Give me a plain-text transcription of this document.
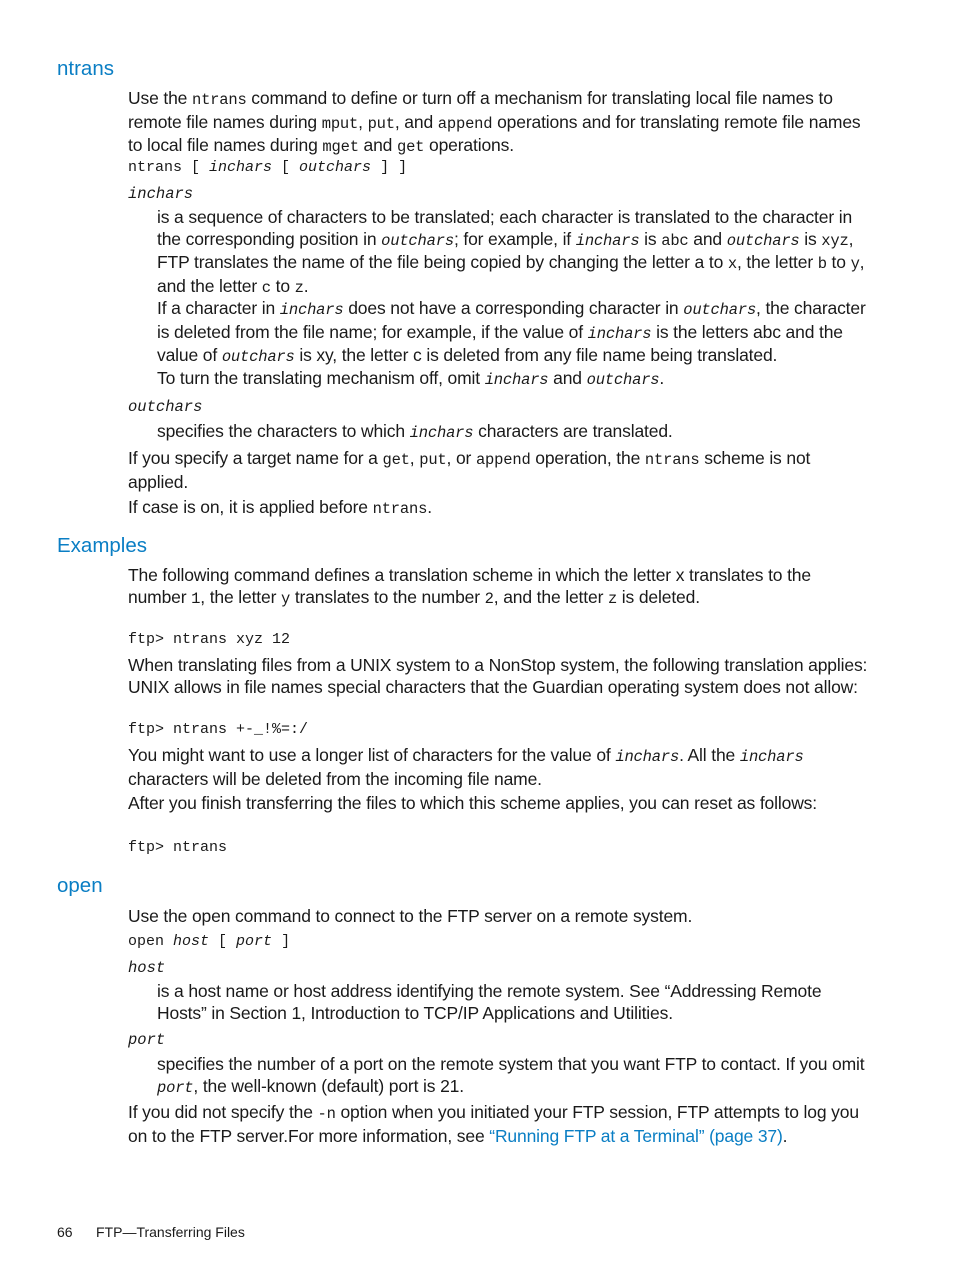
ntrans

Use the ntrans command to define or turn off a mechanism for translating local file names to remote file names during mput, put, and append operations and for translating remote file names to local file names during mget and get operations.

ntrans [ inchars [ outchars ] ]

inchars

is a sequence of characters to be translated; each character is translated to the character in the corresponding position in outchars; for example, if inchars is abc and outchars is xyz, FTP translates the name of the file being copied by changing the letter a to x, the letter b to y, and the letter c to z.

If a character in inchars does not have a corresponding character in outchars, the character is deleted from the file name; for example, if the value of inchars is the letters abc and the value of outchars is xy, the letter c is deleted from any file name being translated.

To turn the translating mechanism off, omit inchars and outchars.

outchars

specifies the characters to which inchars characters are translated.

If you specify a target name for a get, put, or append operation, the ntrans scheme is not applied.

If case is on, it is applied before ntrans.

Examples

The following command defines a translation scheme in which the letter x translates to the number 1, the letter y translates to the number 2, and the letter z is deleted.

ftp> ntrans xyz 12

When translating files from a UNIX system to a NonStop system, the following translation applies: UNIX allows in file names special characters that the Guardian operating system does not allow:

ftp> ntrans +-_!%=:/

You might want to use a longer list of characters for the value of inchars. All the inchars characters will be deleted from the incoming file name.

After you finish transferring the files to which this scheme applies, you can reset as follows:

ftp> ntrans

open

Use the open command to connect to the FTP server on a remote system.

open host [ port ]

host

is a host name or host address identifying the remote system. See “Addressing Remote Hosts” in Section 1, Introduction to TCP/IP Applications and Utilities.

port

specifies the number of a port on the remote system that you want FTP to contact. If you omit port, the well-known (default) port is 21.

If you did not specify the -n option when you initiated your FTP session, FTP attempts to log you on to the FTP server.For more information, see “Running FTP at a Terminal” (page 37).

66 FTP—Transferring Files
